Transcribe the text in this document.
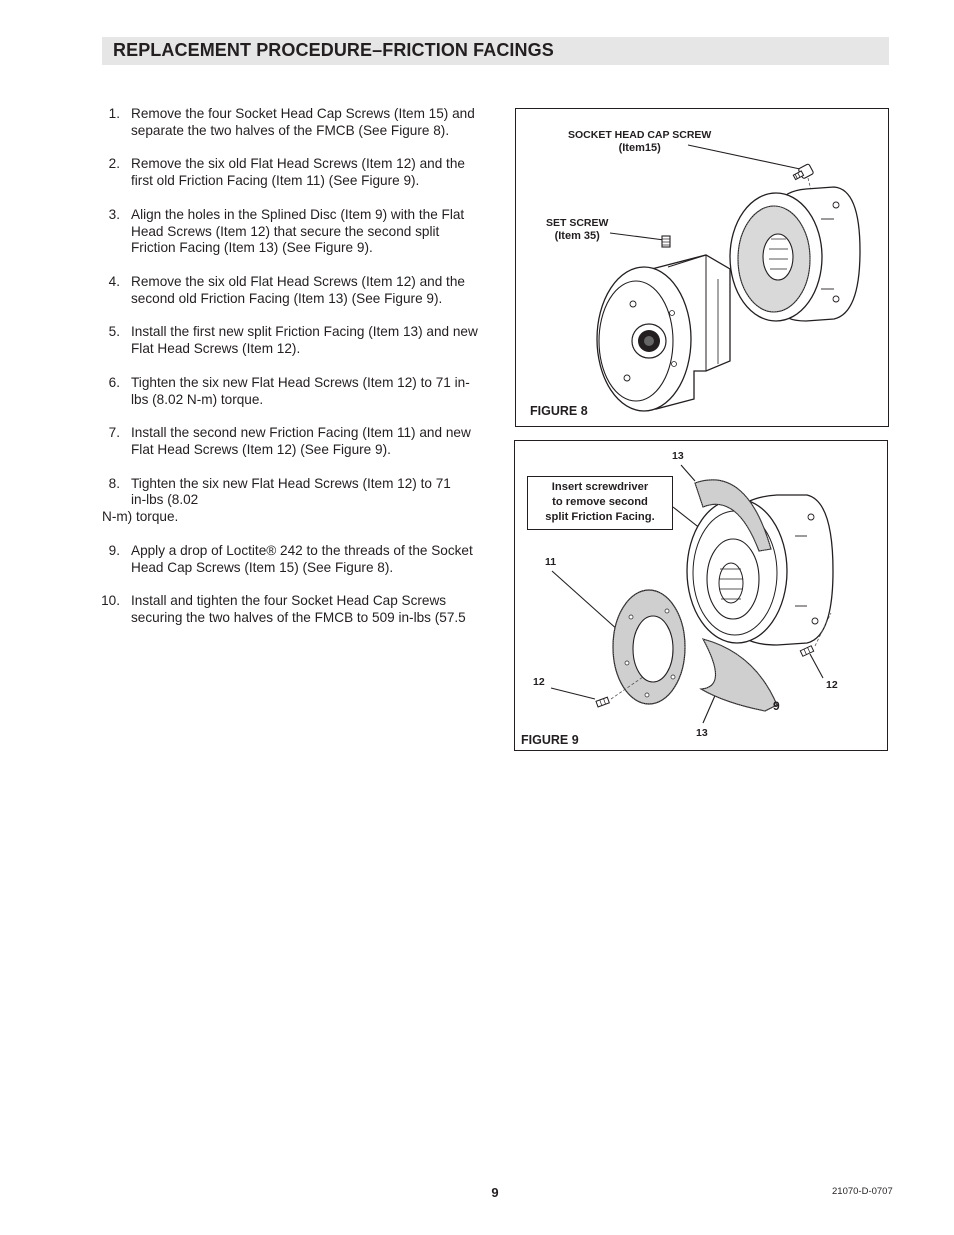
REPLACEMENT PROCEDURE–FRICTION FACINGS
1. Remove the four Socket Head Cap Screws (Item 15) and separate the two halves of the FMCB (See Figure 8).
2. Remove the six old Flat Head Screws (Item 12) and the first old Friction Facing (Item 11) (See Figure 9).
3. Align the holes in the Splined Disc (Item 9) with the Flat Head Screws (Item 12) that secure the second split Friction Facing (Item 13) (See Figure 9).
4. Remove the six old Flat Head Screws (Item 12) and the second old Friction Facing (Item 13) (See Figure 9).
5. Install the first new split Friction Facing (Item 13) and new Flat Head Screws (Item 12).
6. Tighten the six new Flat Head Screws (Item 12) to 71 in-lbs (8.02 N-m) torque.
7. Install the second new Friction Facing (Item 11) and new Flat Head Screws (Item 12) (See Figure 9).
8. Tighten the six new Flat Head Screws (Item 12) to 71
in-lbs (8.02
N-m) torque.
9. Apply a drop of Loctite® 242 to the threads of the Socket Head Cap Screws (Item 15) (See Figure 8).
10. Install and tighten the four Socket Head Cap Screws securing the two halves of the FMCB to 509 in-lbs (57.5
SOCKET HEAD CAP SCREW
(Item15)
SET SCREW
(Item 35)
FIGURE 8
Insert screwdriver
to remove second
split Friction Facing.
13
11
12	12
9
13
FIGURE 9
9	21070-D-0707
